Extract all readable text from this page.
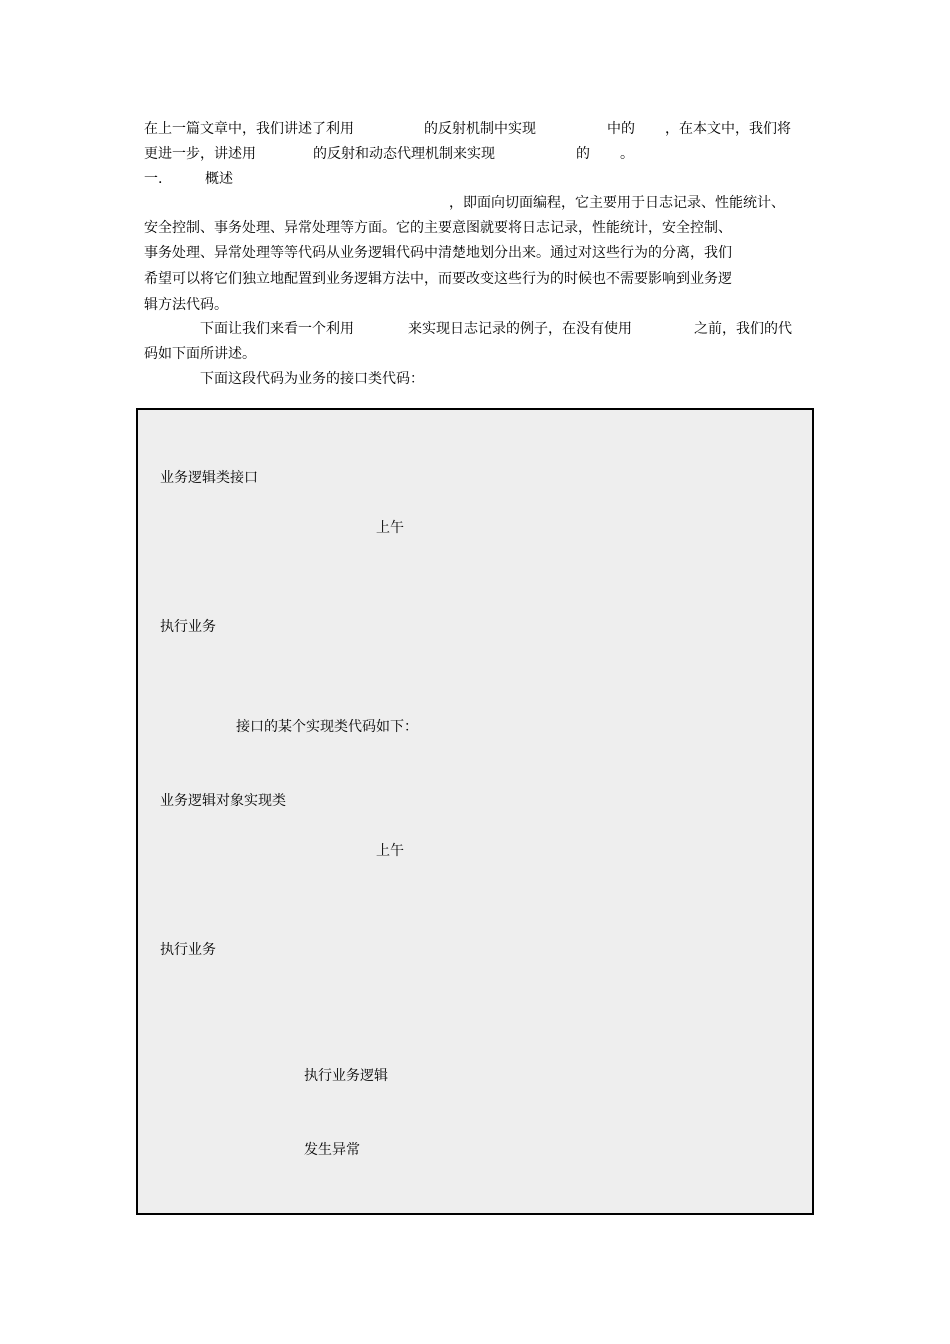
在上一篇文章中，我们讲述了利用	的反射机制中实现	中的 ，在本文中，我们将
更进一步，讲述用	的反射和动态代理机制来实现	的 。
一.	概述
，即面向切面编程，它主要用于日志记录、性能统计、
安全控制、事务处理、异常处理等方面。它的主要意图就要将日志记录，性能统计，安全控制、
事务处理、异常处理等等代码从业务逻辑代码中清楚地划分出来。通过对这些行为的分离，我们
希望可以将它们独立地配置到业务逻辑方法中，而要改变这些行为的时候也不需要影响到业务逻
辑方法代码。
下面让我们来看一个利用	来实现日志记录的例子，在没有使用	之前，我们的代
码如下面所讲述。
下面这段代码为业务的接口类代码：
业务逻辑类接口
上午
执行业务
接口的某个实现类代码如下：
业务逻辑对象实现类
上午
执行业务
执行业务逻辑
发生异常
